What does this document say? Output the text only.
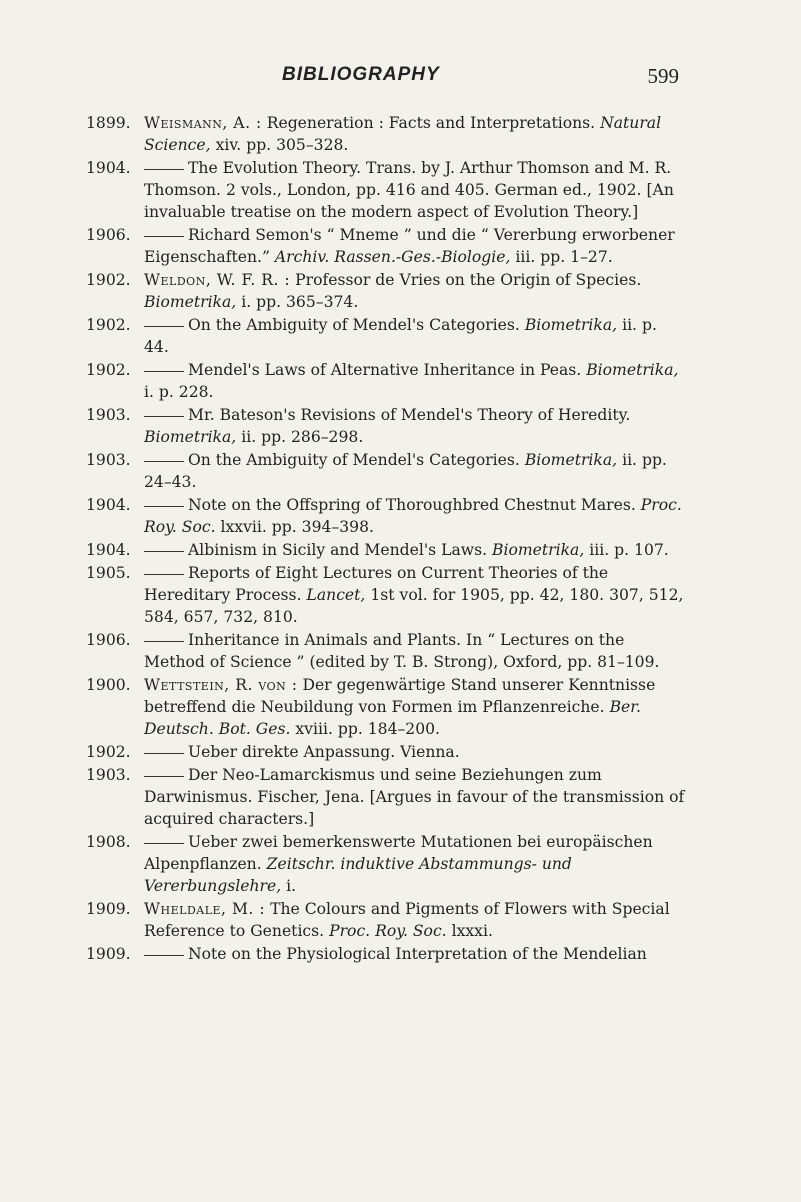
BIBLIOGRAPHY	599
1899. Weismann, A. : Regeneration : Facts and Interpretations. Natural Science, xiv. pp. 305–328.
1904.	The Evolution Theory. Trans. by J. Arthur Thomson and M. R. Thomson. 2 vols., London, pp. 416 and 405. German ed., 1902. [An invaluable treatise on the modern aspect of Evolution Theory.]
1906.	Richard Semon's “ Mneme ” und die “ Vererbung erworbener Eigenschaften.” Archiv. Rassen.-Ges.-Biologie, iii. pp. 1–27.
1902. Weldon, W. F. R. : Professor de Vries on the Origin of Species. Biometrika, i. pp. 365–374.
1902.	On the Ambiguity of Mendel's Categories. Biometrika, ii. p. 44.
1902.	Mendel's Laws of Alternative Inheritance in Peas. Biometrika, i. p. 228.
1903.	Mr. Bateson's Revisions of Mendel's Theory of Heredity. Biometrika, ii. pp. 286–298.
1903.	On the Ambiguity of Mendel's Categories. Biometrika, ii. pp. 24–43.
1904.	Note on the Offspring of Thoroughbred Chestnut Mares. Proc. Roy. Soc. lxxvii. pp. 394–398.
1904.	Albinism in Sicily and Mendel's Laws. Biometrika, iii. p. 107.
1905.	Reports of Eight Lectures on Current Theories of the Hereditary Process. Lancet, 1st vol. for 1905, pp. 42, 180. 307, 512, 584, 657, 732, 810.
1906.	Inheritance in Animals and Plants. In “ Lectures on the Method of Science ” (edited by T. B. Strong), Oxford, pp. 81–109.
1900. Wettstein, R. von : Der gegenwärtige Stand unserer Kenntnisse betreffend die Neubildung von Formen im Pflanzenreiche. Ber. Deutsch. Bot. Ges. xviii. pp. 184–200.
1902.	Ueber direkte Anpassung. Vienna.
1903.	Der Neo-Lamarckismus und seine Beziehungen zum Darwinismus. Fischer, Jena. [Argues in favour of the transmission of acquired characters.]
1908.	Ueber zwei bemerkenswerte Mutationen bei europäischen Alpenpflanzen. Zeitschr. induktive Abstammungs- und Vererbungslehre, i.
1909. Wheldale, M. : The Colours and Pigments of Flowers with Special Reference to Genetics. Proc. Roy. Soc. lxxxi.
1909.	Note on the Physiological Interpretation of the Mendelian
